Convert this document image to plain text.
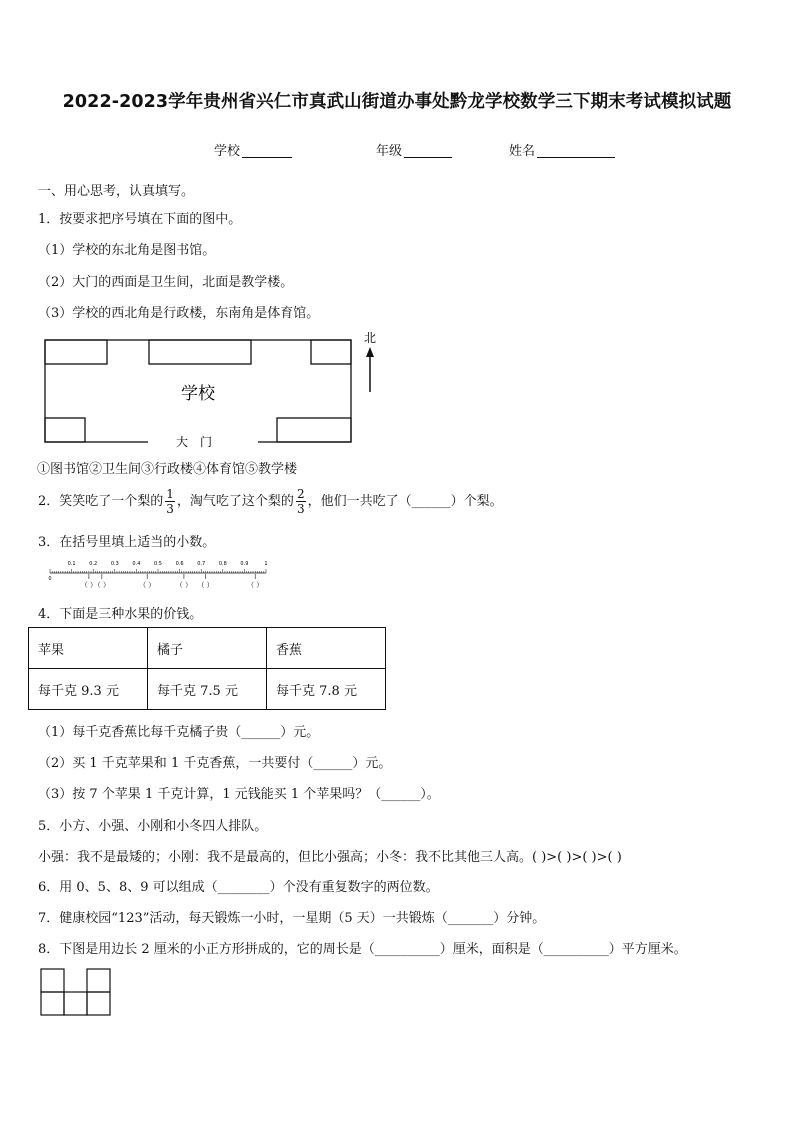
2022-2023学年贵州省兴仁市真武山街道办事处黔龙学校数学三下期末考试模拟试题
学校	年级	姓名
一、用心思考，认真填写。
1．按要求把序号填在下面的图中。
（1）学校的东北角是图书馆。
（2）大门的西面是卫生间，北面是教学楼。
（3）学校的西北角是行政楼，东南角是体育馆。
学校
大　门
北
①图书馆②卫生间③行政楼④体育馆⑤教学楼
2．笑笑吃了一个梨的 $\frac{1}{3}$ ，淘气吃了这个梨的 $\frac{2}{3}$ ，他们一共吃了（______）个梨。
3．在括号里填上适当的小数。
0
0.1	0.2	0.3	0.4	0.5	0.6	0.7	0.8	0.9	1
（ ）
（ ）	（ ）	（ ） （ ）	（ ）
4．下面是三种水果的价钱。
苹果	橘子	香蕉
每千克 9.3 元	每千克 7.5 元	每千克 7.8 元
（1）每千克香蕉比每千克橘子贵（______）元。
（2）买 1 千克苹果和 1 千克香蕉，一共要付（______）元。
（3）按 7 个苹果 1 千克计算，1 元钱能买 1 个苹果吗？（______）。
5．小方、小强、小刚和小冬四人排队。
小强：我不是最矮的；小刚：我不是最高的，但比小强高；小冬：我不比其他三人高。( )>( )>( )>( )
6．用 0、5、8、9 可以组成（________）个没有重复数字的两位数。
7．健康校园“123”活动，每天锻炼一小时，一星期（5 天）一共锻炼（_______）分钟。
8．下图是用边长 2 厘米的小正方形拼成的，它的周长是（__________）厘米，面积是（__________）平方厘米。
